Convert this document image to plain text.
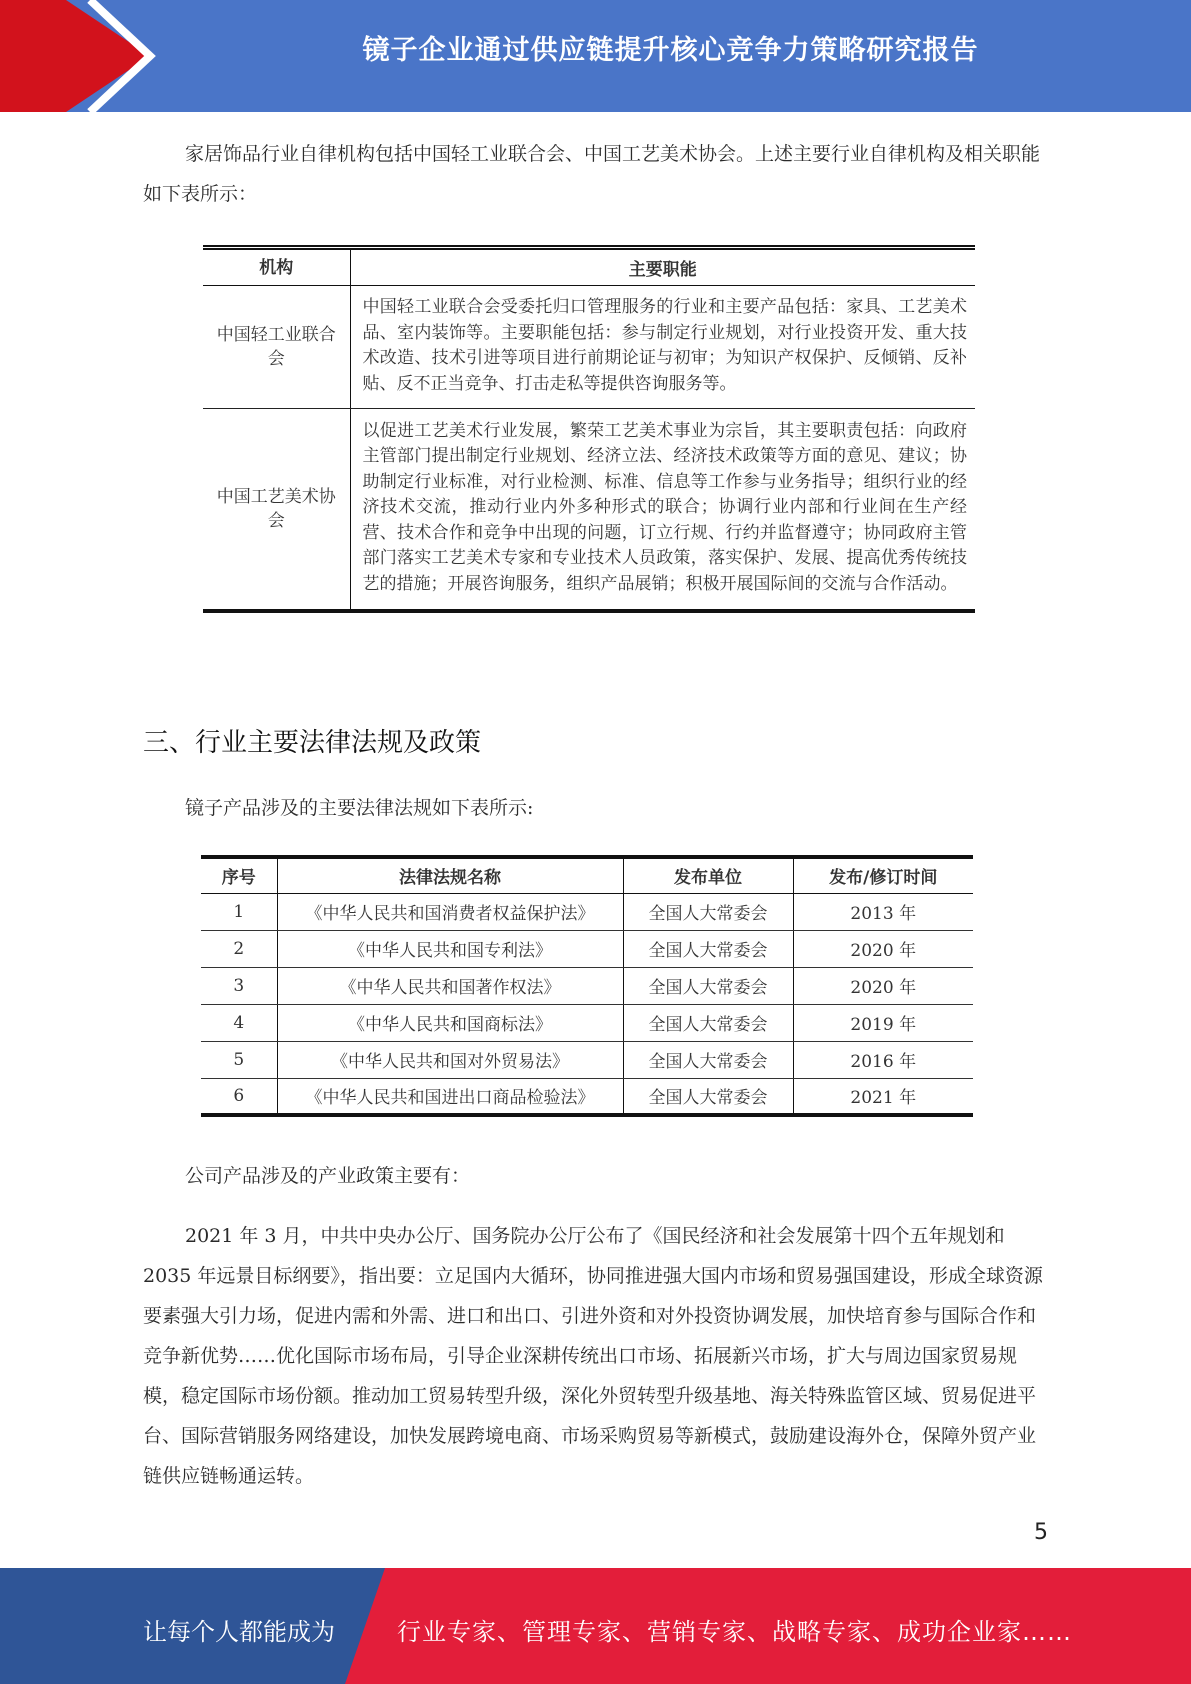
镜子企业通过供应链提升核心竞争力策略研究报告

家居饰品行业自律机构包括中国轻工业联合会、中国工艺美术协会。上述主要行业自律机构及相关职能如下表所示：

机构	主要职能
中国轻工业联合会	中国轻工业联合会受委托归口管理服务的行业和主要产品包括：家具、工艺美术品、室内装饰等。主要职能包括：参与制定行业规划，对行业投资开发、重大技术改造、技术引进等项目进行前期论证与初审；为知识产权保护、反倾销、反补贴、反不正当竞争、打击走私等提供咨询服务等。
中国工艺美术协会	以促进工艺美术行业发展，繁荣工艺美术事业为宗旨，其主要职责包括：向政府主管部门提出制定行业规划、经济立法、经济技术政策等方面的意见、建议；协助制定行业标准，对行业检测、标准、信息等工作参与业务指导；组织行业的经济技术交流，推动行业内外多种形式的联合；协调行业内部和行业间在生产经营、技术合作和竞争中出现的问题，订立行规、行约并监督遵守；协同政府主管部门落实工艺美术专家和专业技术人员政策，落实保护、发展、提高优秀传统技艺的措施；开展咨询服务，组织产品展销；积极开展国际间的交流与合作活动。
三、行业主要法律法规及政策

镜子产品涉及的主要法律法规如下表所示:

序号	法律法规名称	发布单位	发布/修订时间
1	《中华人民共和国消费者权益保护法》	全国人大常委会	2013 年
2	《中华人民共和国专利法》	全国人大常委会	2020 年
3	《中华人民共和国著作权法》	全国人大常委会	2020 年
4	《中华人民共和国商标法》	全国人大常委会	2019 年
5	《中华人民共和国对外贸易法》	全国人大常委会	2016 年
6	《中华人民共和国进出口商品检验法》	全国人大常委会	2021 年

公司产品涉及的产业政策主要有：

2021 年 3 月，中共中央办公厅、国务院办公厅公布了《国民经济和社会发展第十四个五年规划和 2035 年远景目标纲要》，指出要：立足国内大循环，协同推进强大国内市场和贸易强国建设，形成全球资源要素强大引力场，促进内需和外需、进口和出口、引进外资和对外投资协调发展，加快培育参与国际合作和竞争新优势……优化国际市场布局，引导企业深耕传统出口市场、拓展新兴市场，扩大与周边国家贸易规模，稳定国际市场份额。推动加工贸易转型升级，深化外贸转型升级基地、海关特殊监管区域、贸易促进平台、国际营销服务网络建设，加快发展跨境电商、市场采购贸易等新模式，鼓励建设海外仓，保障外贸产业链供应链畅通运转。

5
让每个人都能成为	行业专家、管理专家、营销专家、战略专家、成功企业家……
